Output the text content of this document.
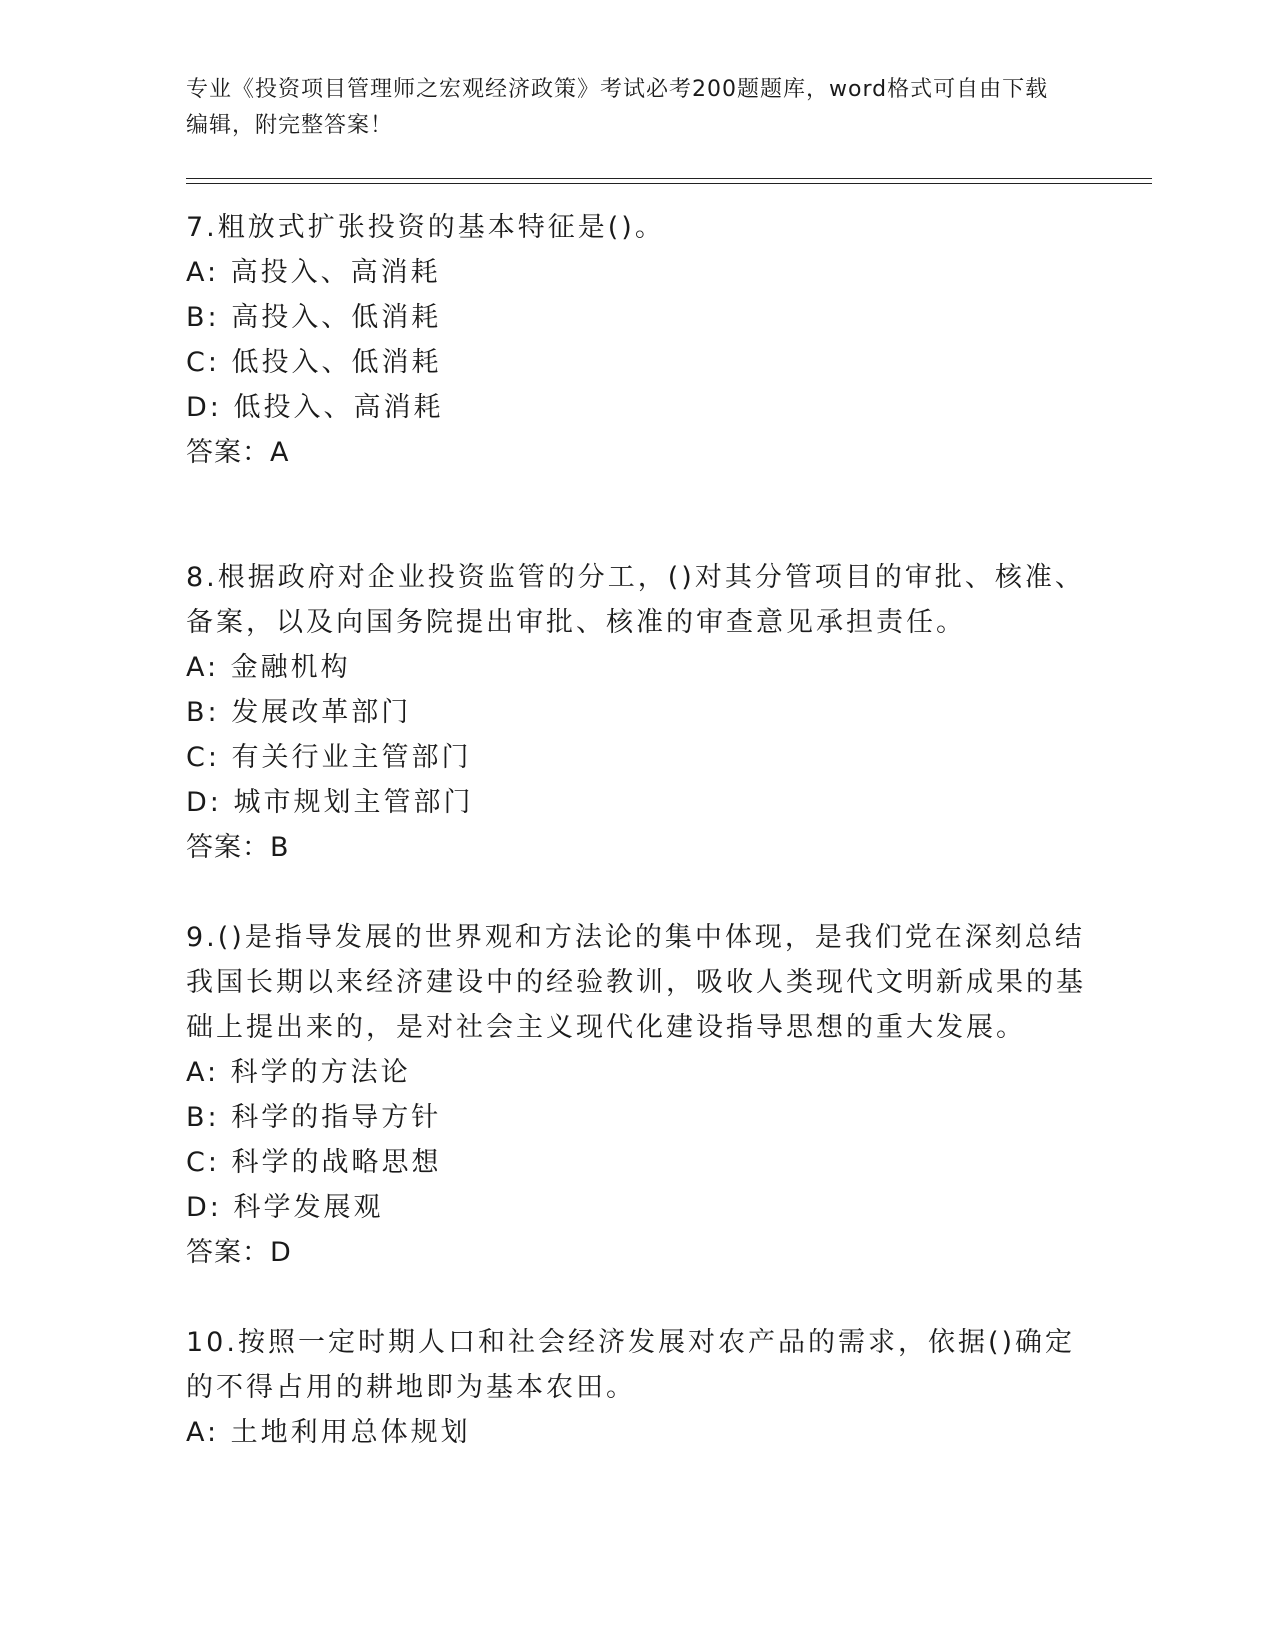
专业《投资项目管理师之宏观经济政策》考试必考200题题库，word格式可自由下载编辑，附完整答案！

7.粗放式扩张投资的基本特征是()。

A: 高投入、高消耗

B: 高投入、低消耗

C: 低投入、低消耗

D: 低投入、高消耗

答案：A

8.根据政府对企业投资监管的分工，()对其分管项目的审批、核准、备案，以及向国务院提出审批、核准的审查意见承担责任。

A: 金融机构

B: 发展改革部门

C: 有关行业主管部门

D: 城市规划主管部门

答案：B

9.()是指导发展的世界观和方法论的集中体现，是我们党在深刻总结我国长期以来经济建设中的经验教训，吸收人类现代文明新成果的基础上提出来的，是对社会主义现代化建设指导思想的重大发展。

A: 科学的方法论

B: 科学的指导方针

C: 科学的战略思想

D: 科学发展观

答案：D

10.按照一定时期人口和社会经济发展对农产品的需求，依据()确定的不得占用的耕地即为基本农田。

A: 土地利用总体规划
